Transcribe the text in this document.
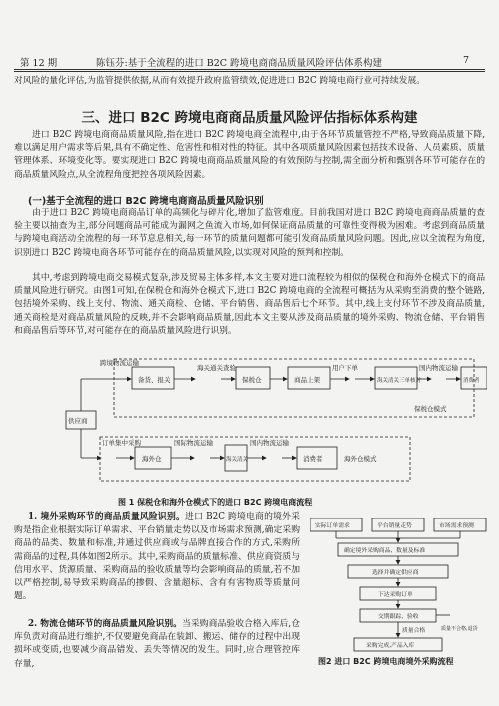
第 12 期	陈钰芬:基于全流程的进口 B2C 跨境电商商品质量风险评估体系构建	7
对风险的量化评估,为监管提供依据,从而有效提升政府监管绩效,促进进口 B2C 跨境电商行业可持续发展。
三、进口 B2C 跨境电商商品质量风险评估指标体系构建
进口 B2C 跨境电商商品质量风险,指在进口 B2C 跨境电商全流程中,由于各环节质量管控不严格,导致商品质量下降,难以满足用户需求等后果,具有不确定性、危害性和相对性的特征。其中各项质量风险因素包括技术设备、人员素质、质量管理体系、环境变化等。要实现进口 B2C 跨境电商商品质量风险的有效预防与控制,需全面分析和甄别各环节可能存在的商品质量风险点,从全流程角度把控各项风险因素。
(一)基于全流程的进口 B2C 跨境电商商品质量风险识别
由于进口 B2C 跨境电商商品订单的高频化与碎片化,增加了监管难度。目前我国对进口 B2C 跨境电商商品质量的查验主要以抽查为主,部分问题商品可能成为漏网之鱼流入市场,如何保证商品质量的可靠性变得极为困难。考虑到商品质量与跨境电商活动全流程的每一环节息息相关,每一环节的质量问题都可能引发商品质量风险问题。因此,应以全流程为角度,识别进口 B2C 跨境电商各环节可能存在的商品质量风险,以实现对风险的预判和控制。
其中,考虑到跨境电商交易模式复杂,涉及贸易主体多样,本文主要对进口流程较为相似的保税仓和海外仓模式下的商品质量风险进行研究。由图1可知,在保税仓和海外仓模式下,进口 B2C 跨境电商的全流程可概括为从采购至消费的整个链路,包括境外采购、线上支付、物流、通关商检、仓储、平台销售、商品售后七个环节。其中,线上支付环节不涉及商品质量,通关商检是对商品质量风险的反映,并不会影响商品质量,因此本文主要从涉及商品质量的境外采购、物流仓储、平台销售和商品售后等环节,对可能存在的商品质量风险进行识别。
供应商
跨境物流运输
备货、报关
海关通关查验
保税仓	商品上架
用户下单
海关清关三单核对
国内物流运输
消费者
保税仓模式
订单集中采购
海外仓
国际物流运输
海关清关
国内物流运输
消费者	海外仓模式
图 1 保税仓和海外仓模式下的进口 B2C 跨境电商流程
1. 境外采购环节的商品质量风险识别。进口 B2C 跨境电商的境外采购是指企业根据实际订单需求、平台销量走势以及市场需求预测,确定采购商品的品类、数量和标准,并通过供应商或与品牌直接合作的方式,采购所需商品的过程,具体如图2所示。其中,采购商品的质量标准、供应商资质与信用水平、货源质量、采购商品的验收质量等均会影响商品的质量,若不加以严格控制,易导致采购商品的掺假、含量超标、含有有害物质等质量问题。
2. 物流仓储环节的商品质量风险识别。当采购商品验收合格入库后,仓库负责对商品进行维护,不仅要避免商品在装卸、搬运、储存的过程中出现损坏或变质,也要减少商品错发、丢失等情况的发生。同时,应合理管控库存量,
实际订单需求	平台销量走势	市场需求预测
确定境外采购商品、数量及标准
选择并确定供应商
下达采购订单
交期跟踪、验收
质量合格	质量不合格,退货
采购完成,产品入库
图2 进口 B2C 跨境电商境外采购流程
